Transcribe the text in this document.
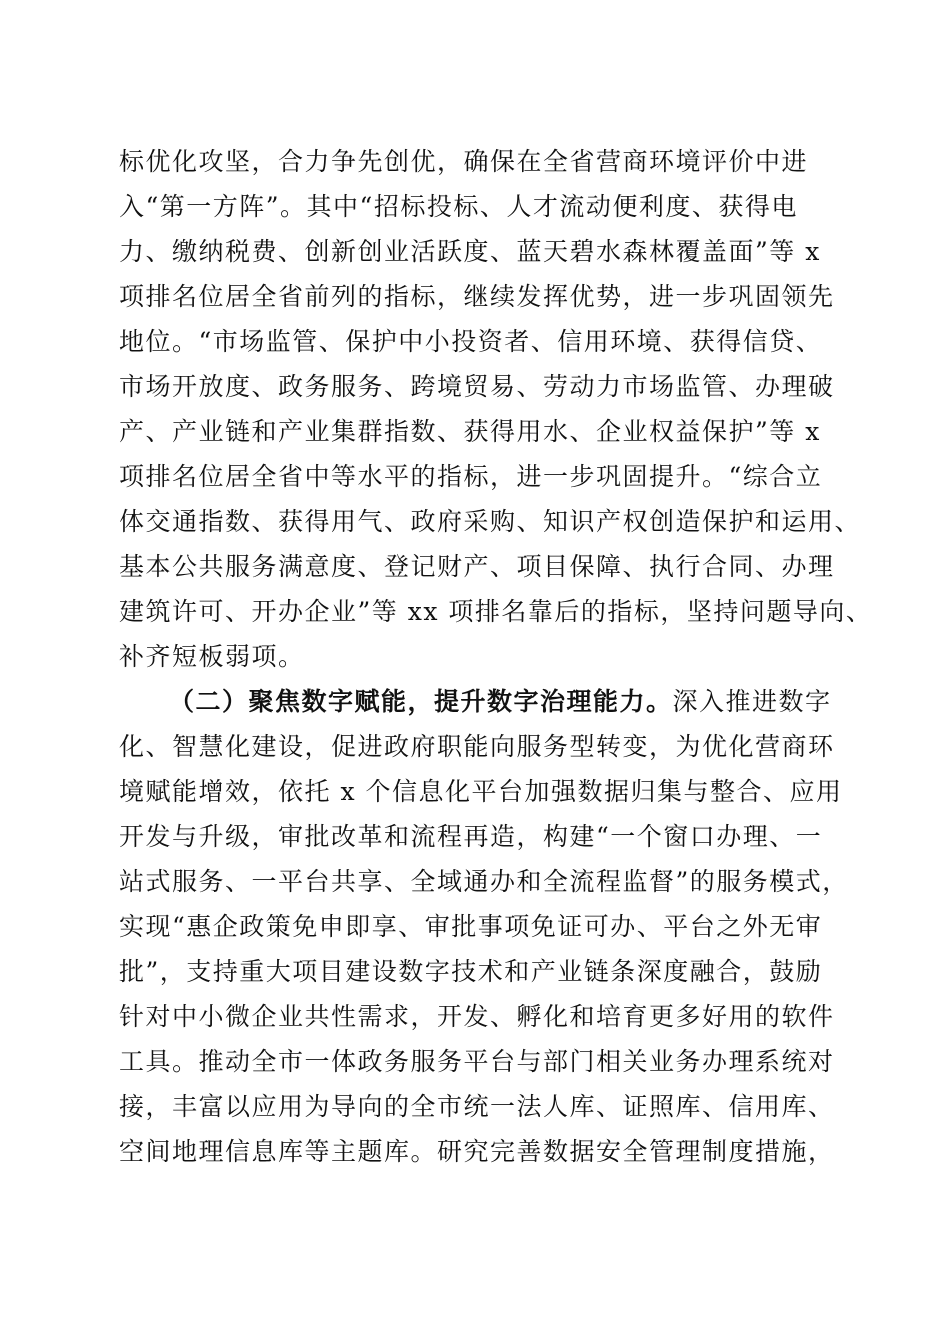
标优化攻坚，合力争先创优，确保在全省营商环境评价中进
入“第一方阵”。其中“招标投标、人才流动便利度、获得电
力、缴纳税费、创新创业活跃度、蓝天碧水森林覆盖面”等 x
项排名位居全省前列的指标，继续发挥优势，进一步巩固领先
地位。“市场监管、保护中小投资者、信用环境、获得信贷、
市场开放度、政务服务、跨境贸易、劳动力市场监管、办理破
产、产业链和产业集群指数、获得用水、企业权益保护”等 x
项排名位居全省中等水平的指标，进一步巩固提升。“综合立
体交通指数、获得用气、政府采购、知识产权创造保护和运用、
基本公共服务满意度、登记财产、项目保障、执行合同、办理
建筑许可、开办企业”等 xx 项排名靠后的指标，坚持问题导向、
补齐短板弱项。
（二）聚焦数字赋能，提升数字治理能力。深入推进数字
化、智慧化建设，促进政府职能向服务型转变，为优化营商环
境赋能增效，依托 x 个信息化平台加强数据归集与整合、应用
开发与升级，审批改革和流程再造，构建“一个窗口办理、一
站式服务、一平台共享、全域通办和全流程监督”的服务模式，
实现“惠企政策免申即享、审批事项免证可办、平台之外无审
批”，支持重大项目建设数字技术和产业链条深度融合，鼓励
针对中小微企业共性需求，开发、孵化和培育更多好用的软件
工具。推动全市一体政务服务平台与部门相关业务办理系统对
接，丰富以应用为导向的全市统一法人库、证照库、信用库、
空间地理信息库等主题库。研究完善数据安全管理制度措施，
